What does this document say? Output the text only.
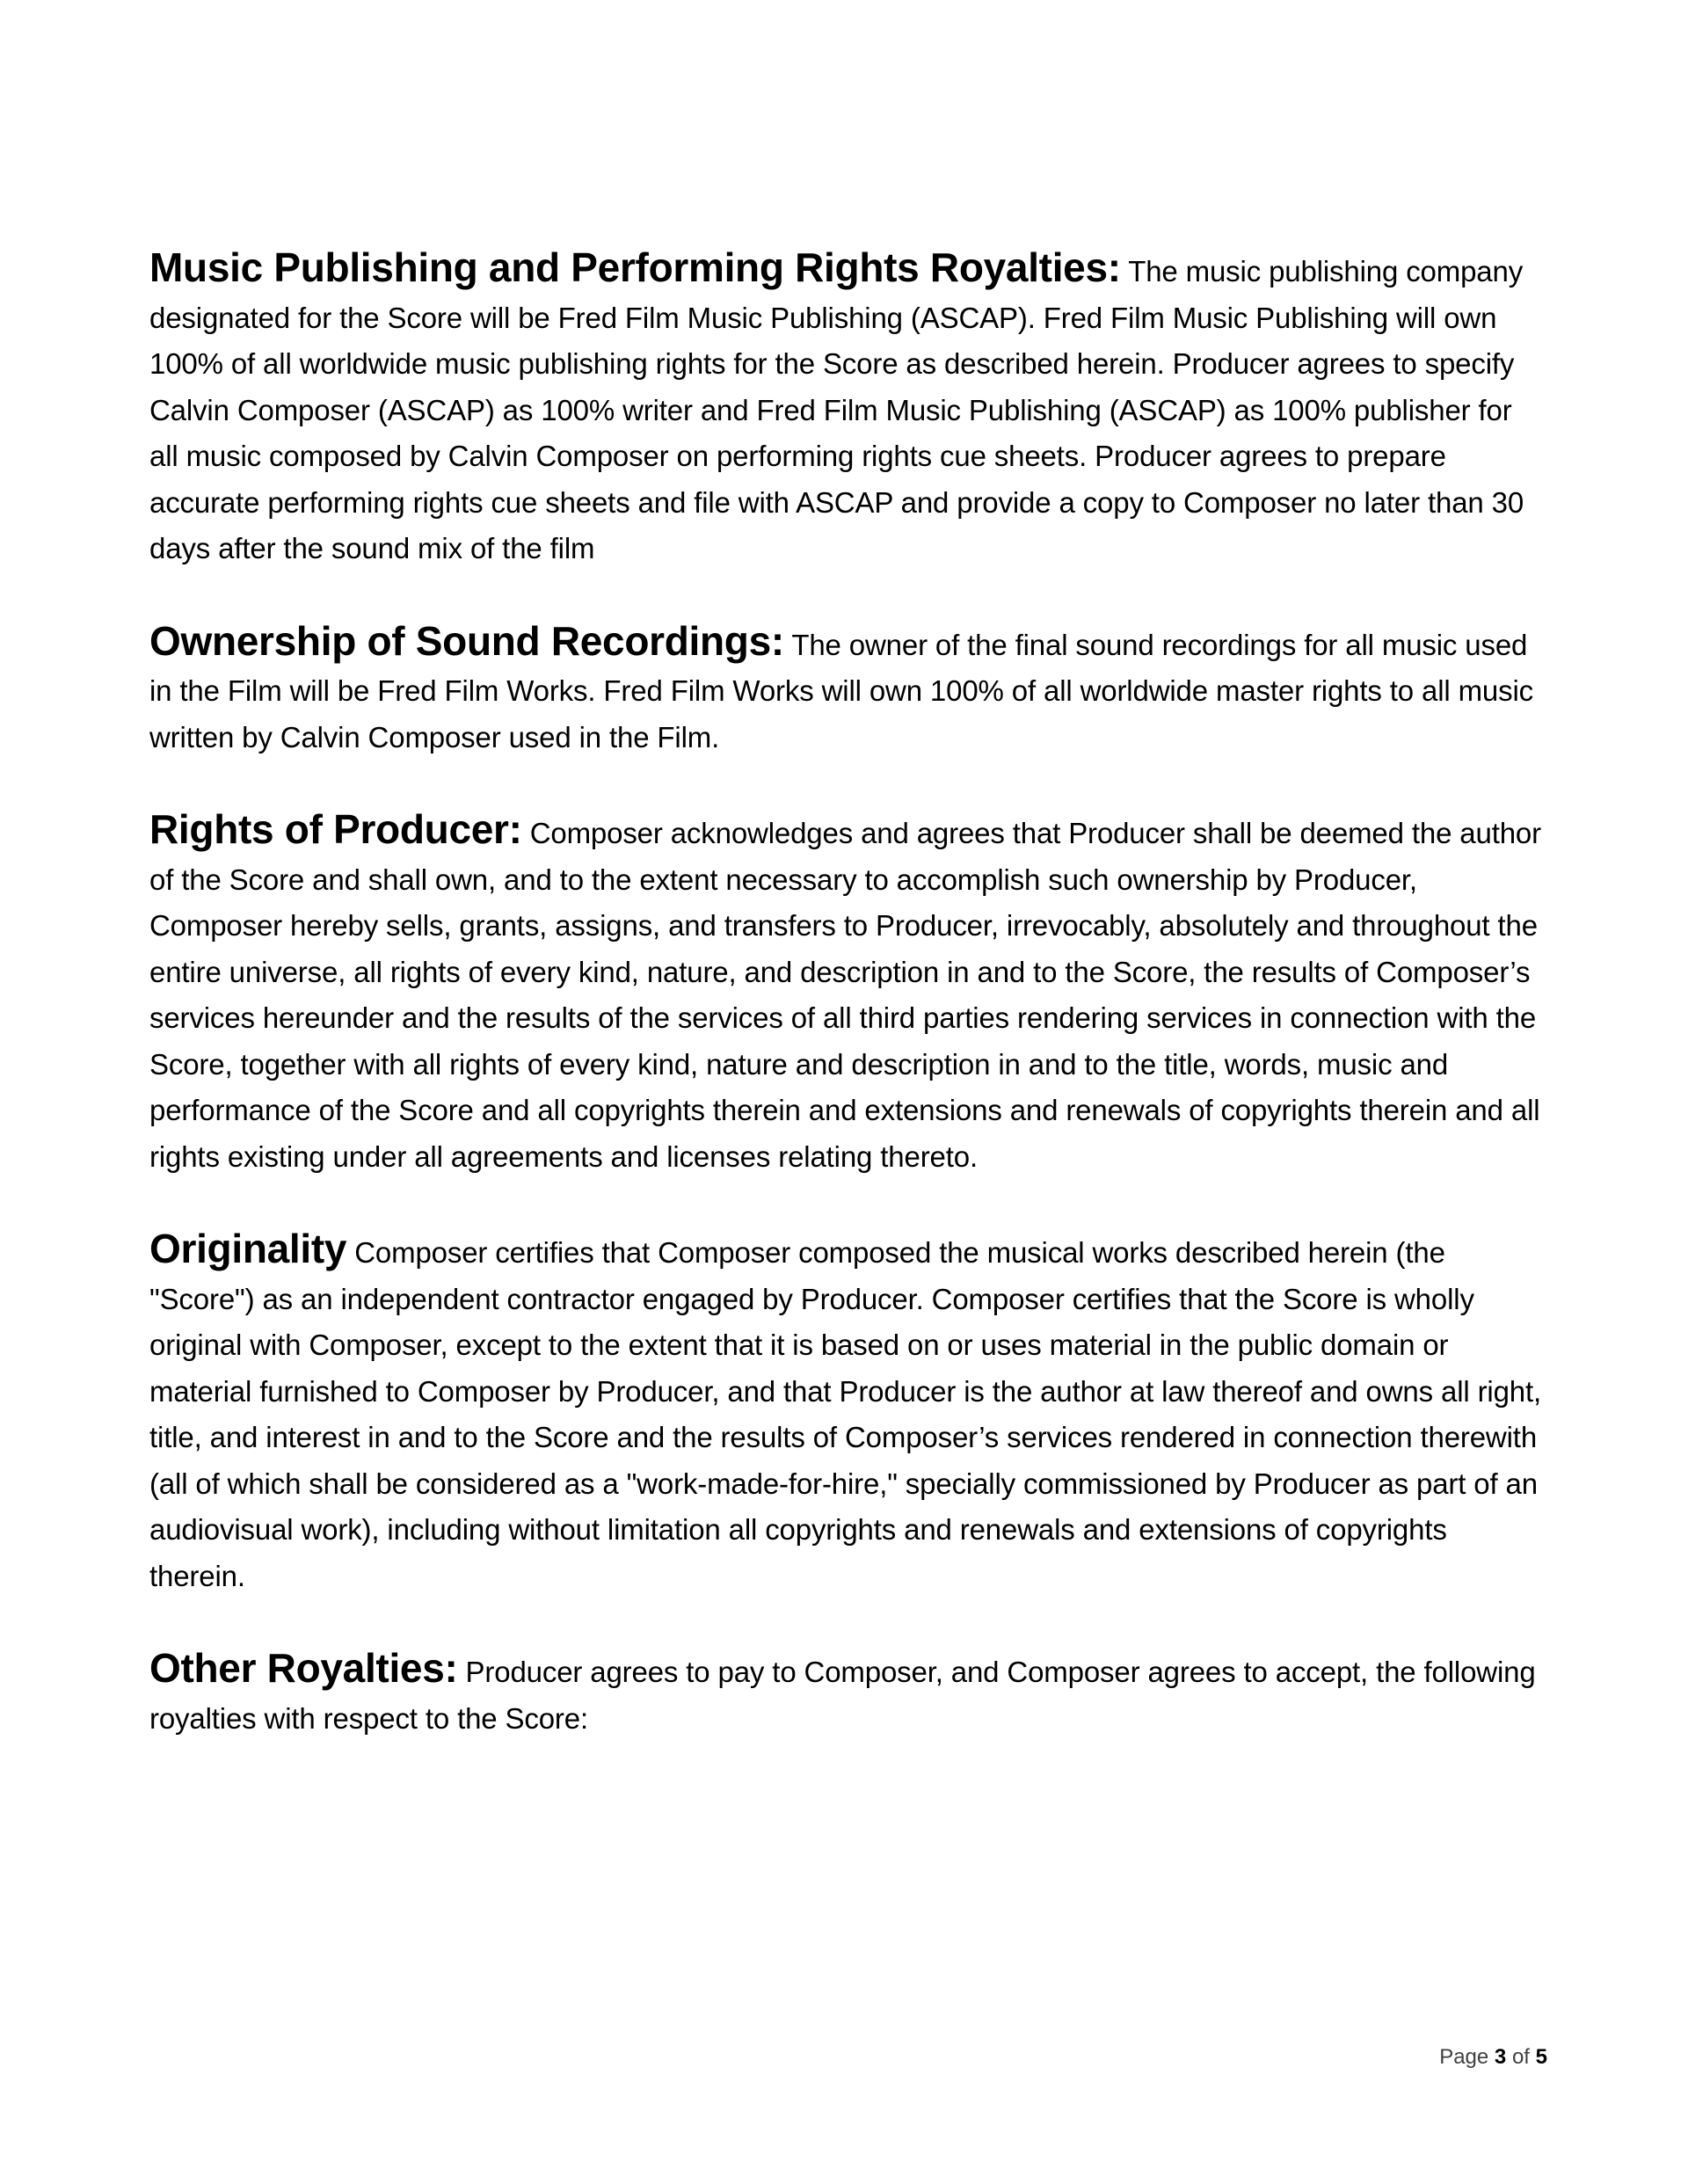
Music Publishing and Performing Rights Royalties: The music publishing company designated for the Score will be Fred Film Music Publishing (ASCAP). Fred Film Music Publishing will own 100% of all worldwide music publishing rights for the Score as described herein. Producer agrees to specify Calvin Composer (ASCAP) as 100% writer and Fred Film Music Publishing (ASCAP) as 100% publisher for all music composed by Calvin Composer on performing rights cue sheets. Producer agrees to prepare accurate performing rights cue sheets and file with ASCAP and provide a copy to Composer no later than 30 days after the sound mix of the film

Ownership of Sound Recordings: The owner of the final sound recordings for all music used in the Film will be Fred Film Works. Fred Film Works will own 100% of all worldwide master rights to all music written by Calvin Composer used in the Film.

Rights of Producer: Composer acknowledges and agrees that Producer shall be deemed the author of the Score and shall own, and to the extent necessary to accomplish such ownership by Producer, Composer hereby sells, grants, assigns, and transfers to Producer, irrevocably, absolutely and throughout the entire universe, all rights of every kind, nature, and description in and to the Score, the results of Composer’s services hereunder and the results of the services of all third parties rendering services in connection with the Score, together with all rights of every kind, nature and description in and to the title, words, music and performance of the Score and all copyrights therein and extensions and renewals of copyrights therein and all rights existing under all agreements and licenses relating thereto.

Originality Composer certifies that Composer composed the musical works described herein (the "Score") as an independent contractor engaged by Producer. Composer certifies that the Score is wholly original with Composer, except to the extent that it is based on or uses material in the public domain or material furnished to Composer by Producer, and that Producer is the author at law thereof and owns all right, title, and interest in and to the Score and the results of Composer’s services rendered in connection therewith (all of which shall be considered as a "work-made-for-hire," specially commissioned by Producer as part of an audiovisual work), including without limitation all copyrights and renewals and extensions of copyrights therein.

Other Royalties: Producer agrees to pay to Composer, and Composer agrees to accept, the following royalties with respect to the Score:

Page 3 of 5
